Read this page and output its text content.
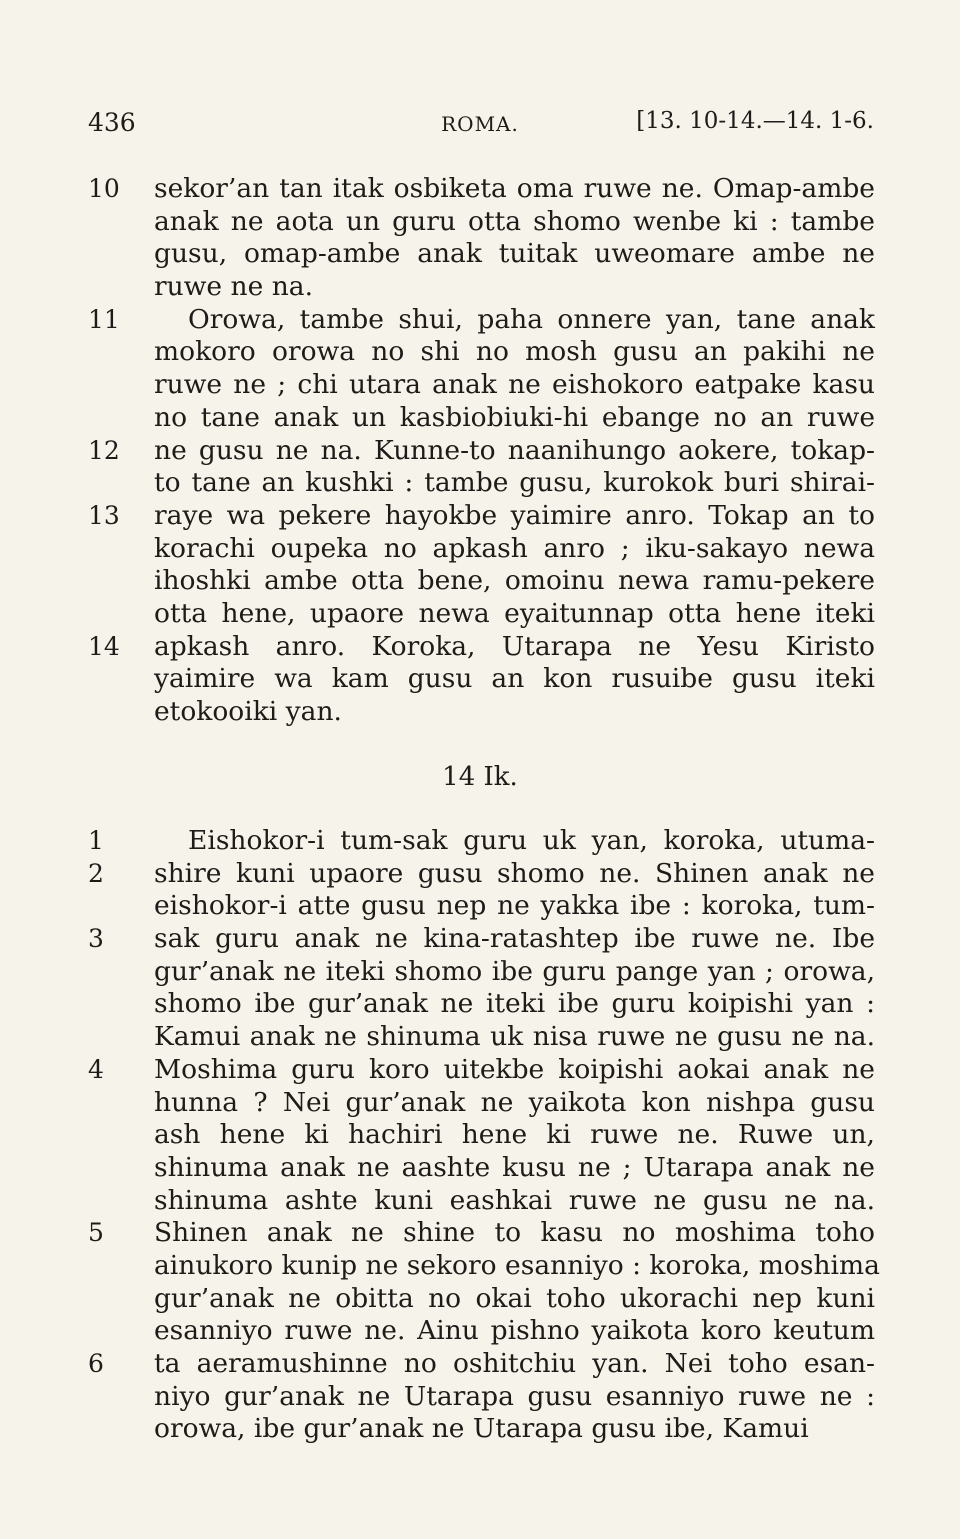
436	ROMA.	[13. 10-14.—14. 1-6.
10	sekor’an tan itak osbiketa oma ruwe ne. Omap-ambe
anak ne aota un guru otta shomo wenbe ki : tambe
gusu, omap-ambe anak tuitak uweomare ambe ne
ruwe ne na.
11	Orowa, tambe shui, paha onnere yan, tane anak
mokoro orowa no shi no mosh gusu an pakihi ne
ruwe ne ; chi utara anak ne eishokoro eatpake kasu
no tane anak un kasbiobiuki-hi ebange no an ruwe
12	ne gusu ne na. Kunne-to naanihungo aokere, tokap-
to tane an kushki : tambe gusu, kurokok buri shirai-
13	raye wa pekere hayokbe yaimire anro. Tokap an to
korachi oupeka no apkash anro ; iku-sakayo newa
ihoshki ambe otta bene, omoinu newa ramu-pekere
otta hene, upaore newa eyaitunnap otta hene iteki
14	apkash anro. Koroka, Utarapa ne Yesu Kiristo
yaimire wa kam gusu an kon rusuibe gusu iteki
etokooiki yan.
14 Ik.
1	Eishokor-i tum-sak guru uk yan, koroka, utuma-
2	shire kuni upaore gusu shomo ne. Shinen anak ne
eishokor-i atte gusu nep ne yakka ibe : koroka, tum-
3	sak guru anak ne kina-ratashtep ibe ruwe ne. Ibe
gur’anak ne iteki shomo ibe guru pange yan ; orowa,
shomo ibe gur’anak ne iteki ibe guru koipishi yan :
Kamui anak ne shinuma uk nisa ruwe ne gusu ne na.
4	Moshima guru koro uitekbe koipishi aokai anak ne
hunna ? Nei gur’anak ne yaikota kon nishpa gusu
ash hene ki hachiri hene ki ruwe ne. Ruwe un,
shinuma anak ne aashte kusu ne ; Utarapa anak ne
shinuma ashte kuni eashkai ruwe ne gusu ne na.
5	Shinen anak ne shine to kasu no moshima toho
ainukoro kunip ne sekoro esanniyo : koroka, moshima
gur’anak ne obitta no okai toho ukorachi nep kuni
esanniyo ruwe ne. Ainu pishno yaikota koro keutum
6	ta aeramushinne no oshitchiu yan. Nei toho esan-
niyo gur’anak ne Utarapa gusu esanniyo ruwe ne :
orowa, ibe gur’anak ne Utarapa gusu ibe, Kamui
